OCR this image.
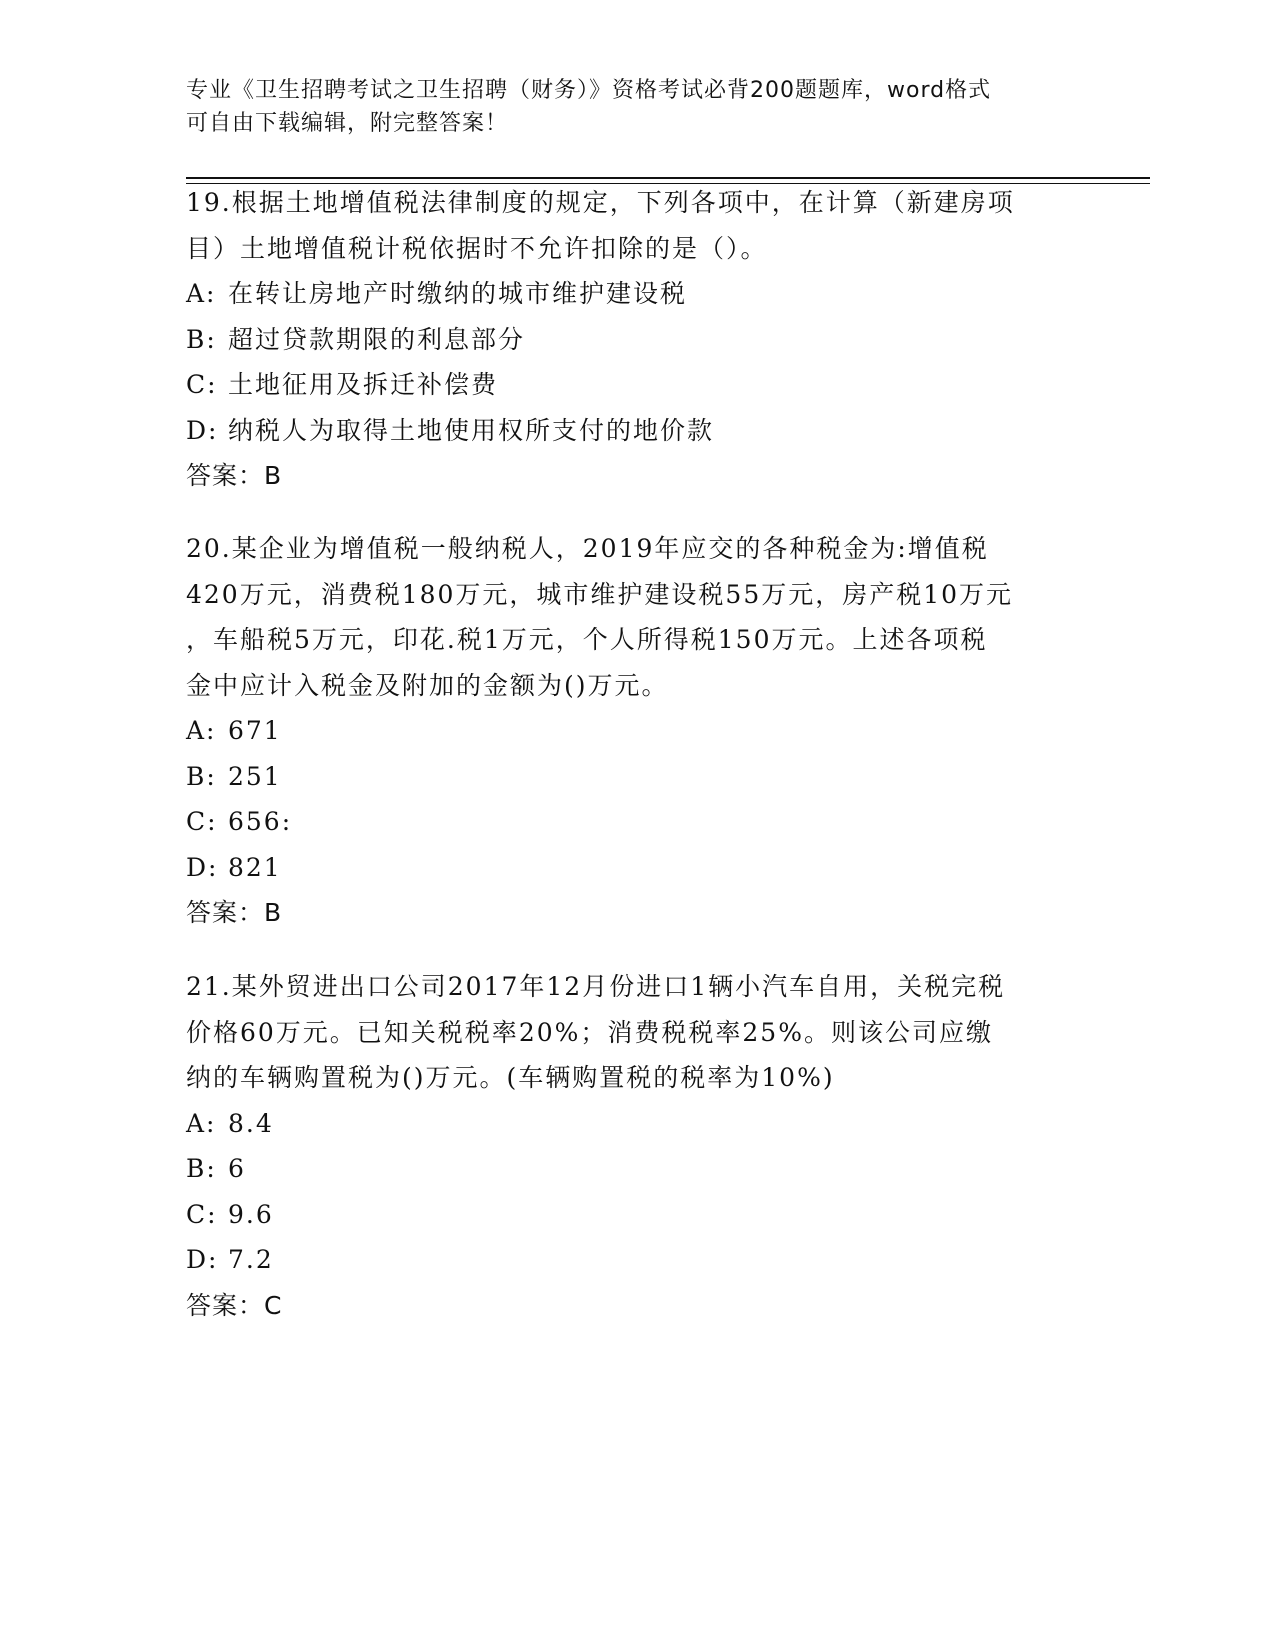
专业《卫生招聘考试之卫生招聘（财务）》资格考试必背200题题库，word格式
可自由下载编辑，附完整答案！
19.根据土地增值税法律制度的规定，下列各项中，在计算（新建房项
目）土地增值税计税依据时不允许扣除的是（）。
A: 在转让房地产时缴纳的城市维护建设税
B: 超过贷款期限的利息部分
C: 土地征用及拆迁补偿费
D: 纳税人为取得土地使用权所支付的地价款
答案：B
20.某企业为增值税一般纳税人，2019年应交的各种税金为:增值税
420万元，消费税180万元，城市维护建设税55万元，房产税10万元
，车船税5万元，印花.税1万元，个人所得税150万元。上述各项税
金中应计入税金及附加的金额为()万元。
A: 671
B: 251
C: 656:
D: 821
答案：B
21.某外贸进出口公司2017年12月份进口1辆小汽车自用，关税完税
价格60万元。已知关税税率20%；消费税税率25%。则该公司应缴
纳的车辆购置税为()万元。(车辆购置税的税率为10%)
A: 8.4
B: 6
C: 9.6
D: 7.2
答案：C
